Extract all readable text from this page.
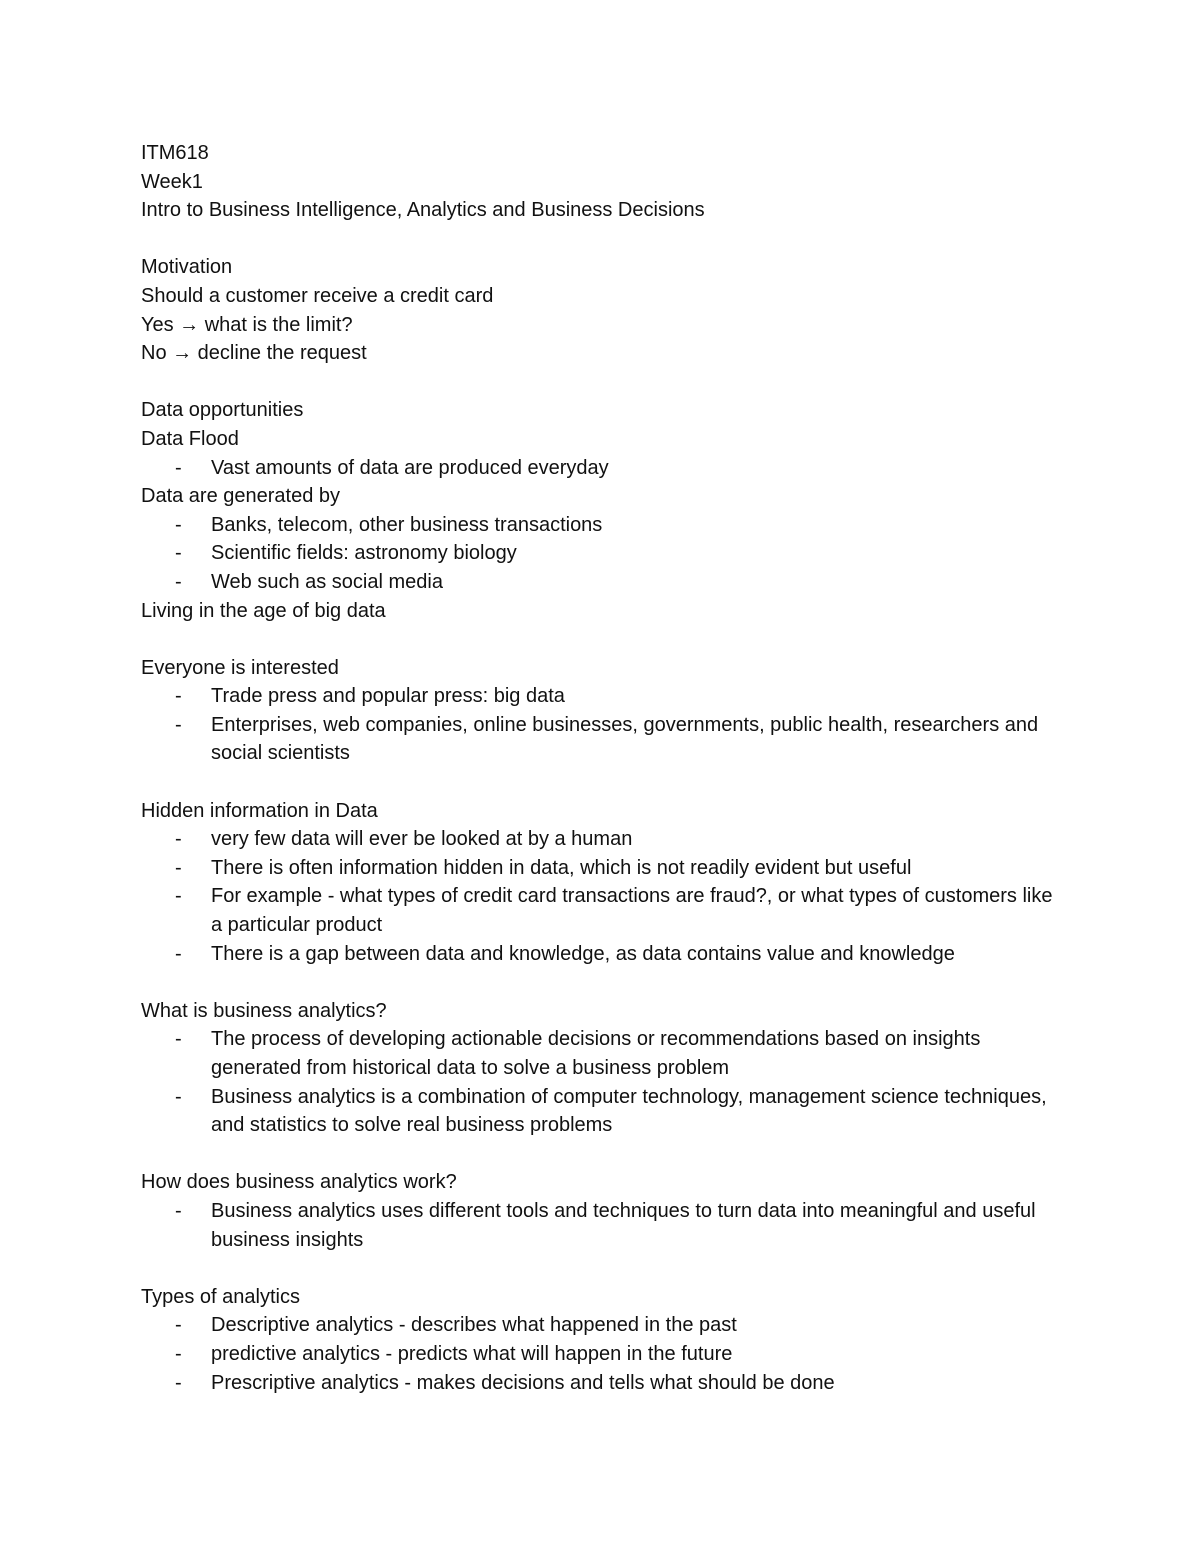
ITM618
Week1
Intro to Business Intelligence, Analytics and Business Decisions
Motivation
Should a customer receive a credit card
Yes → what is the limit?
No → decline the request
Data opportunities
Data Flood
- Vast amounts of data are produced everyday
Data are generated by
- Banks, telecom, other business transactions
- Scientific fields: astronomy biology
- Web such as social media
Living in the age of big data
Everyone is interested
- Trade press and popular press: big data
- Enterprises, web companies, online businesses, governments, public health, researchers and social scientists
Hidden information in Data
- very few data will ever be looked at by a human
- There is often information hidden in data, which is not readily evident but useful
- For example - what types of credit card transactions are fraud?, or what types of customers like a particular product
- There is a gap between data and knowledge, as data contains value and knowledge
What is business analytics?
- The process of developing actionable decisions or recommendations based on insights generated from historical data to solve a business problem
- Business analytics is a combination of computer technology, management science techniques, and statistics to solve real business problems
How does business analytics work?
- Business analytics uses different tools and techniques to turn data into meaningful and useful business insights
Types of analytics
- Descriptive analytics - describes what happened in the past
- predictive analytics - predicts what will happen in the future
- Prescriptive analytics - makes decisions and tells what should be done
